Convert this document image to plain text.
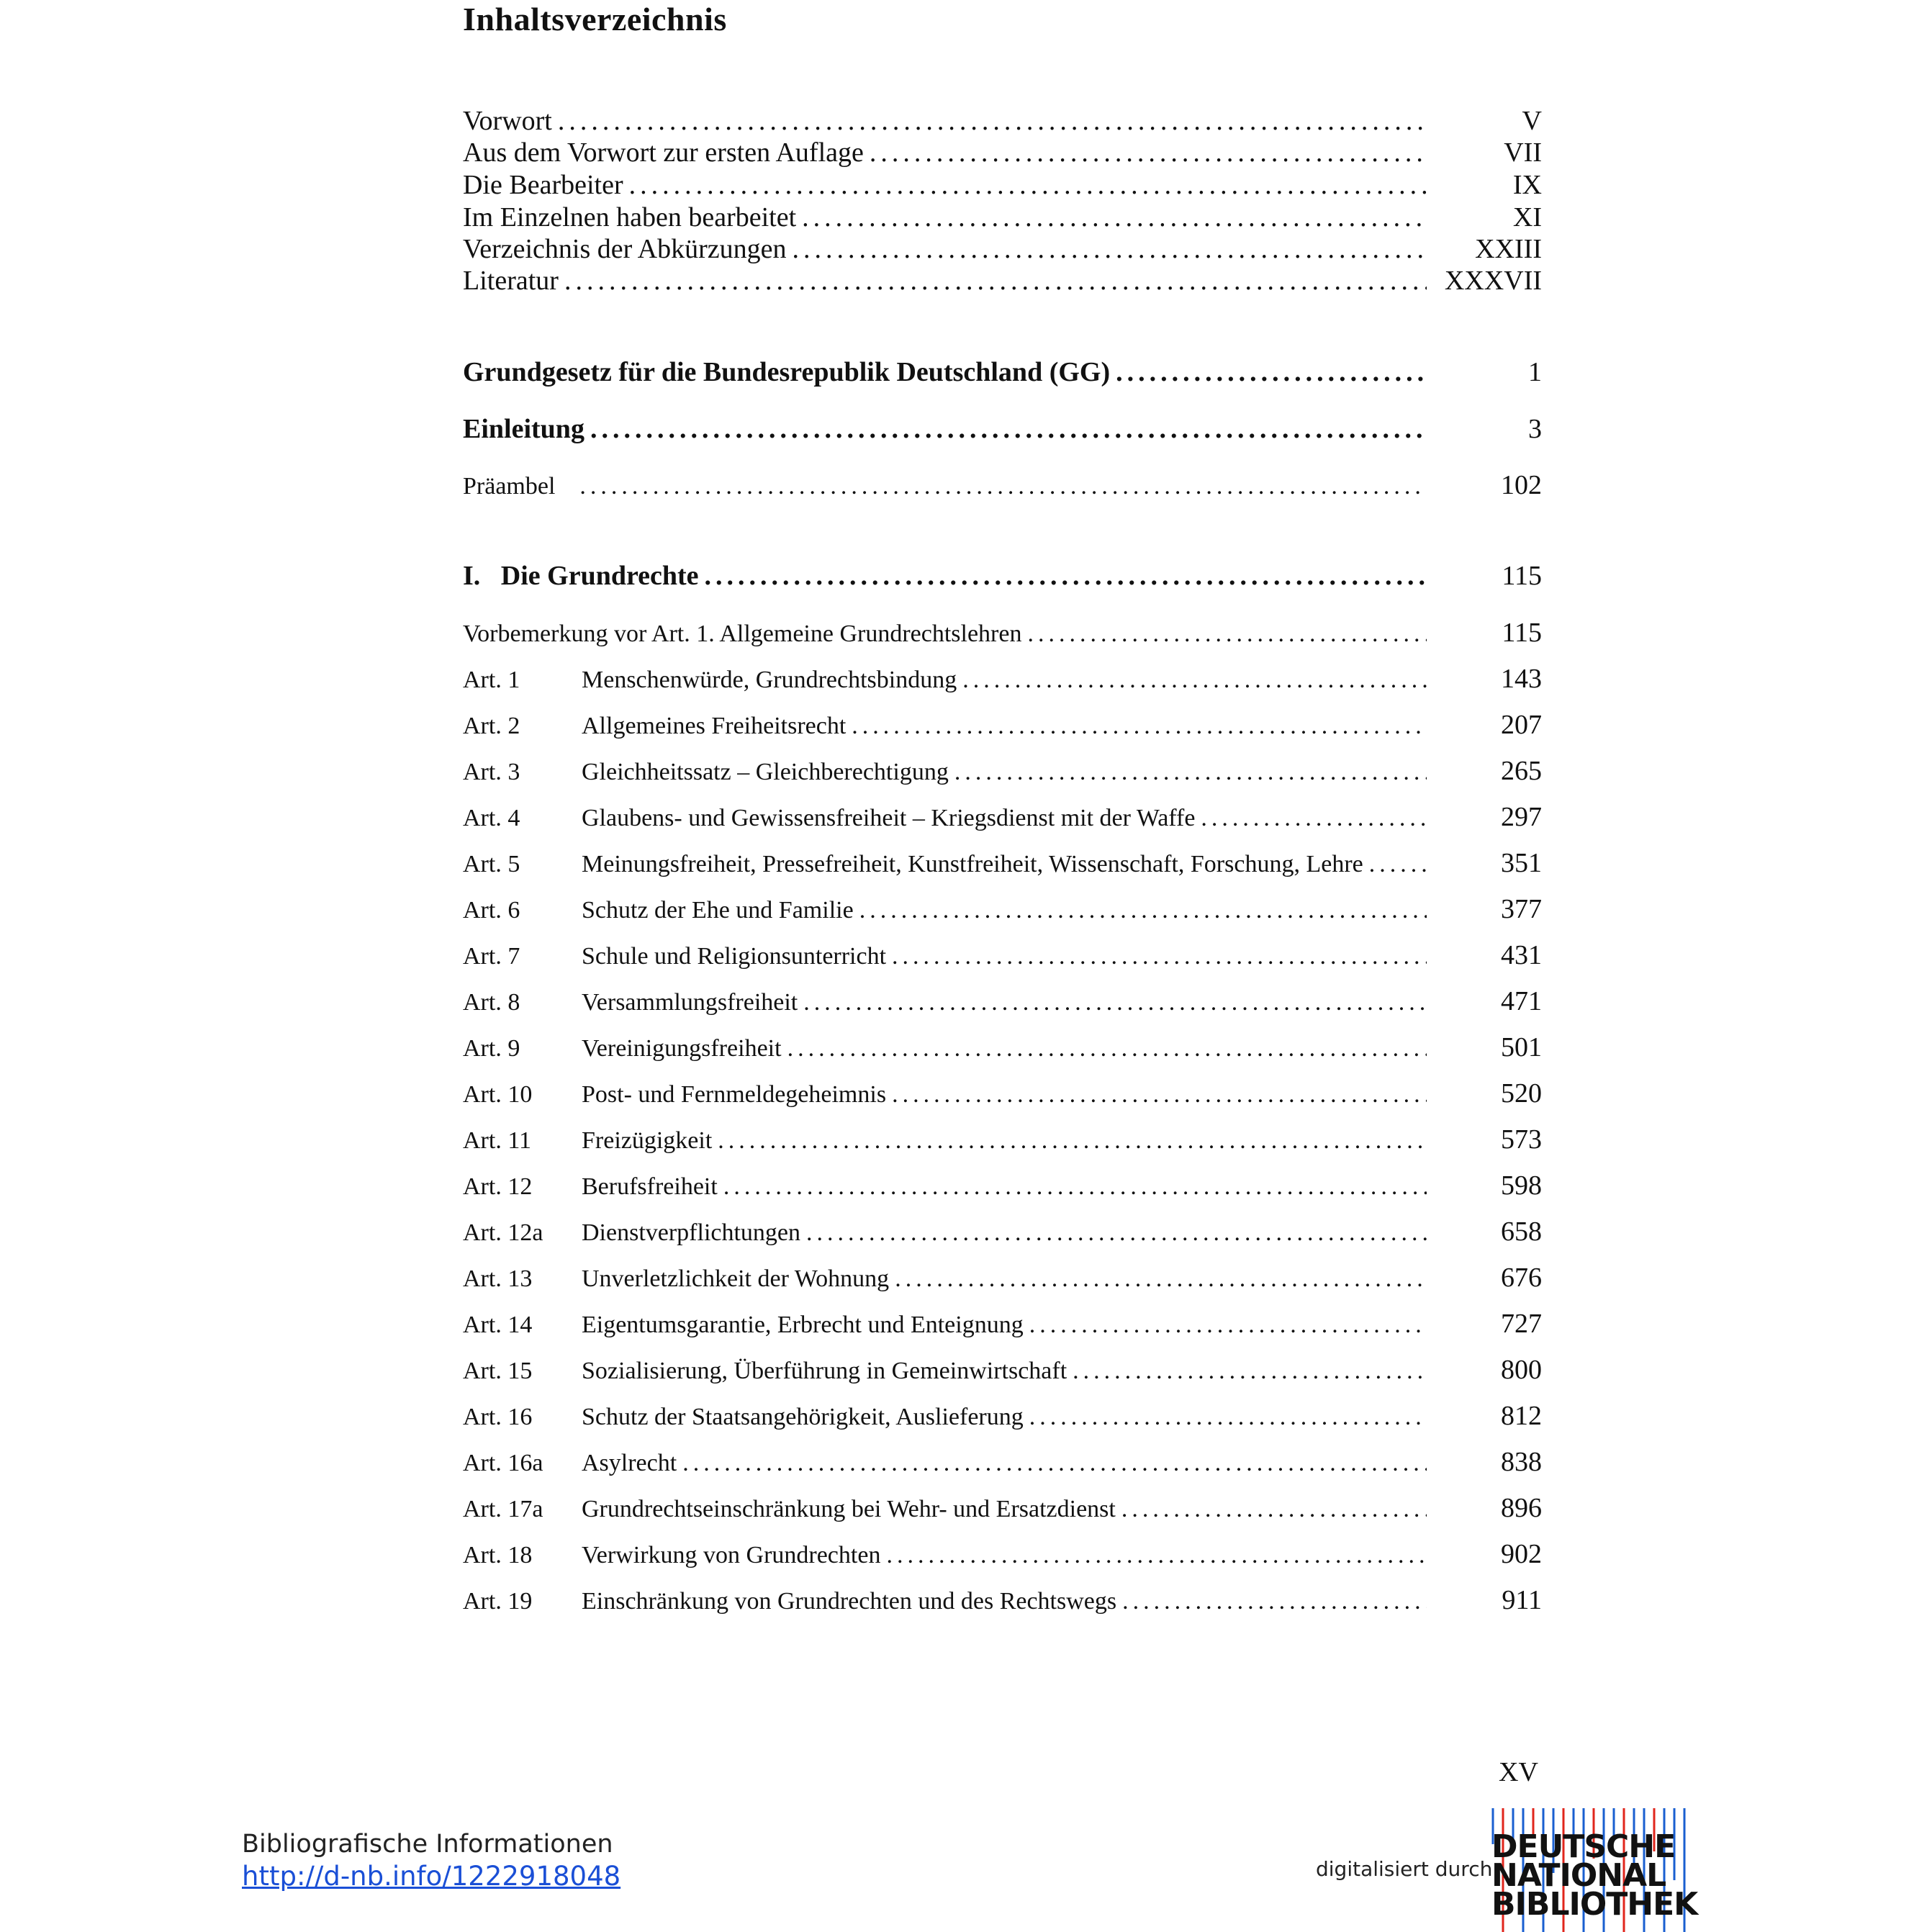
Inhaltsverzeichnis
Vorwort .....	V
Aus dem Vorwort zur ersten Auflage .....	VII
Die Bearbeiter .....	IX
Im Einzelnen haben bearbeitet .....	XI
Verzeichnis der Abkürzungen .....	XXIII
Literatur .....	XXXVII
Grundgesetz für die Bundesrepublik Deutschland (GG) .....	1
Einleitung .....	3
Präambel .....	102
I.   Die Grundrechte .....	115
Vorbemerkung vor Art. 1. Allgemeine Grundrechtslehren .....	115
Art. 1	Menschenwürde, Grundrechtsbindung .....	143
Art. 2	Allgemeines Freiheitsrecht .....	207
Art. 3	Gleichheitssatz – Gleichberechtigung .....	265
Art. 4	Glaubens- und Gewissensfreiheit – Kriegsdienst mit der Waffe .....	297
Art. 5	Meinungsfreiheit, Pressefreiheit, Kunstfreiheit, Wissenschaft, Forschung, Lehre .....	351
Art. 6	Schutz der Ehe und Familie .....	377
Art. 7	Schule und Religionsunterricht .....	431
Art. 8	Versammlungsfreiheit .....	471
Art. 9	Vereinigungsfreiheit .....	501
Art. 10	Post- und Fernmeldegeheimnis .....	520
Art. 11	Freizügigkeit .....	573
Art. 12	Berufsfreiheit .....	598
Art. 12a	Dienstverpflichtungen .....	658
Art. 13	Unverletzlichkeit der Wohnung .....	676
Art. 14	Eigentumsgarantie, Erbrecht und Enteignung .....	727
Art. 15	Sozialisierung, Überführung in Gemeinwirtschaft .....	800
Art. 16	Schutz der Staatsangehörigkeit, Auslieferung .....	812
Art. 16a	Asylrecht .....	838
Art. 17a	Grundrechtseinschränkung bei Wehr- und Ersatzdienst .....	896
Art. 18	Verwirkung von Grundrechten .....	902
Art. 19	Einschränkung von Grundrechten und des Rechtswegs .....	911
XV
Bibliografische Informationen
http://d-nb.info/1222918048	digitalisiert durch
DEUTSCHE
NATIONAL
BIBLIOTHEK
